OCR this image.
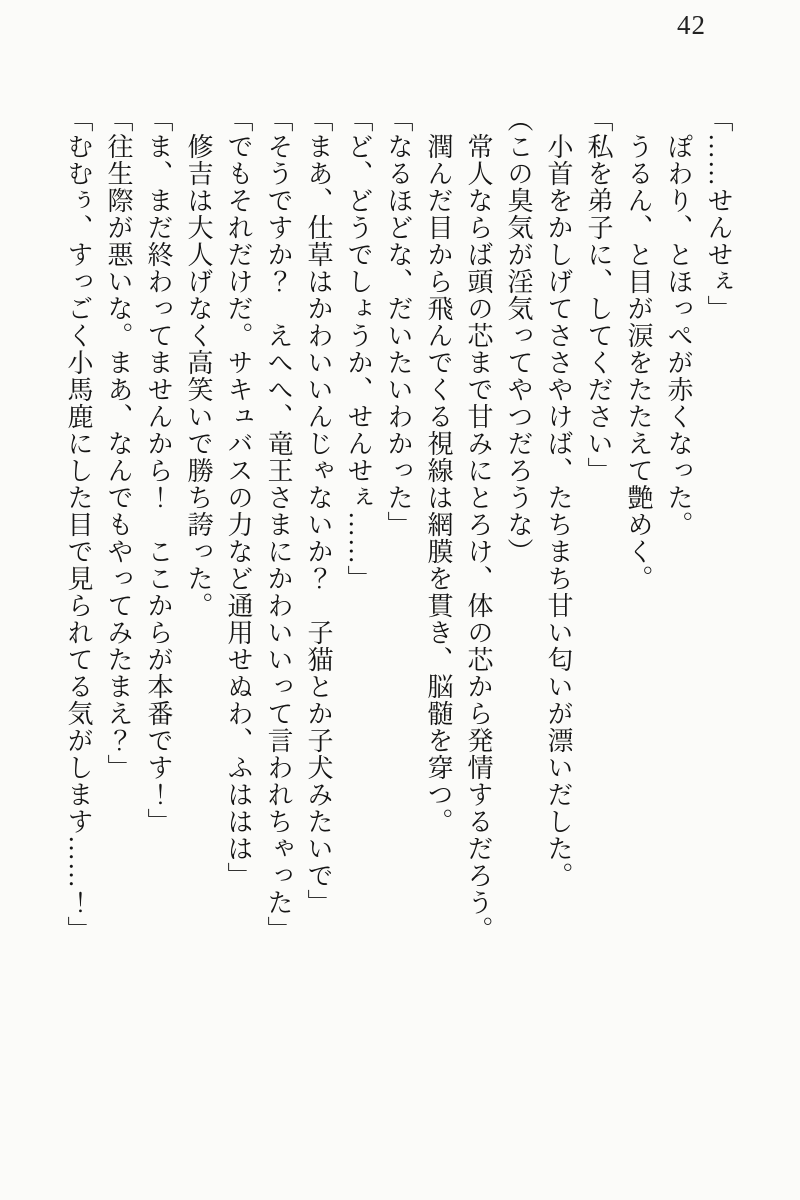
42

「……せんせぇ」

ぽわり、とほっぺが赤くなった。

うるん、と目が涙をたたえて艶めく。

「私を弟子に、してください」

小首をかしげてささやけば、たちまち甘い匂いが漂いだした。

（この臭気が淫気ってやつだろうな）

常人ならば頭の芯まで甘みにとろけ、体の芯から発情するだろう。

潤んだ目から飛んでくる視線は網膜を貫き、脳髄を穿つ。

「なるほどな、だいたいわかった」

「ど、どうでしょうか、せんせぇ……」

「まあ、仕草はかわいいんじゃないか？　子猫とか子犬みたいで」

「そうですか？　えへへ、竜王さまにかわいいって言われちゃった」

「でもそれだけだ。サキュバスの力など通用せぬわ、ふははは」

修吉は大人げなく高笑いで勝ち誇った。

「ま、まだ終わってませんから！　ここからが本番です！」

「往生際が悪いな。まあ、なんでもやってみたまえ？」

「むむぅ、すっごく小馬鹿にした目で見られてる気がします……！」
